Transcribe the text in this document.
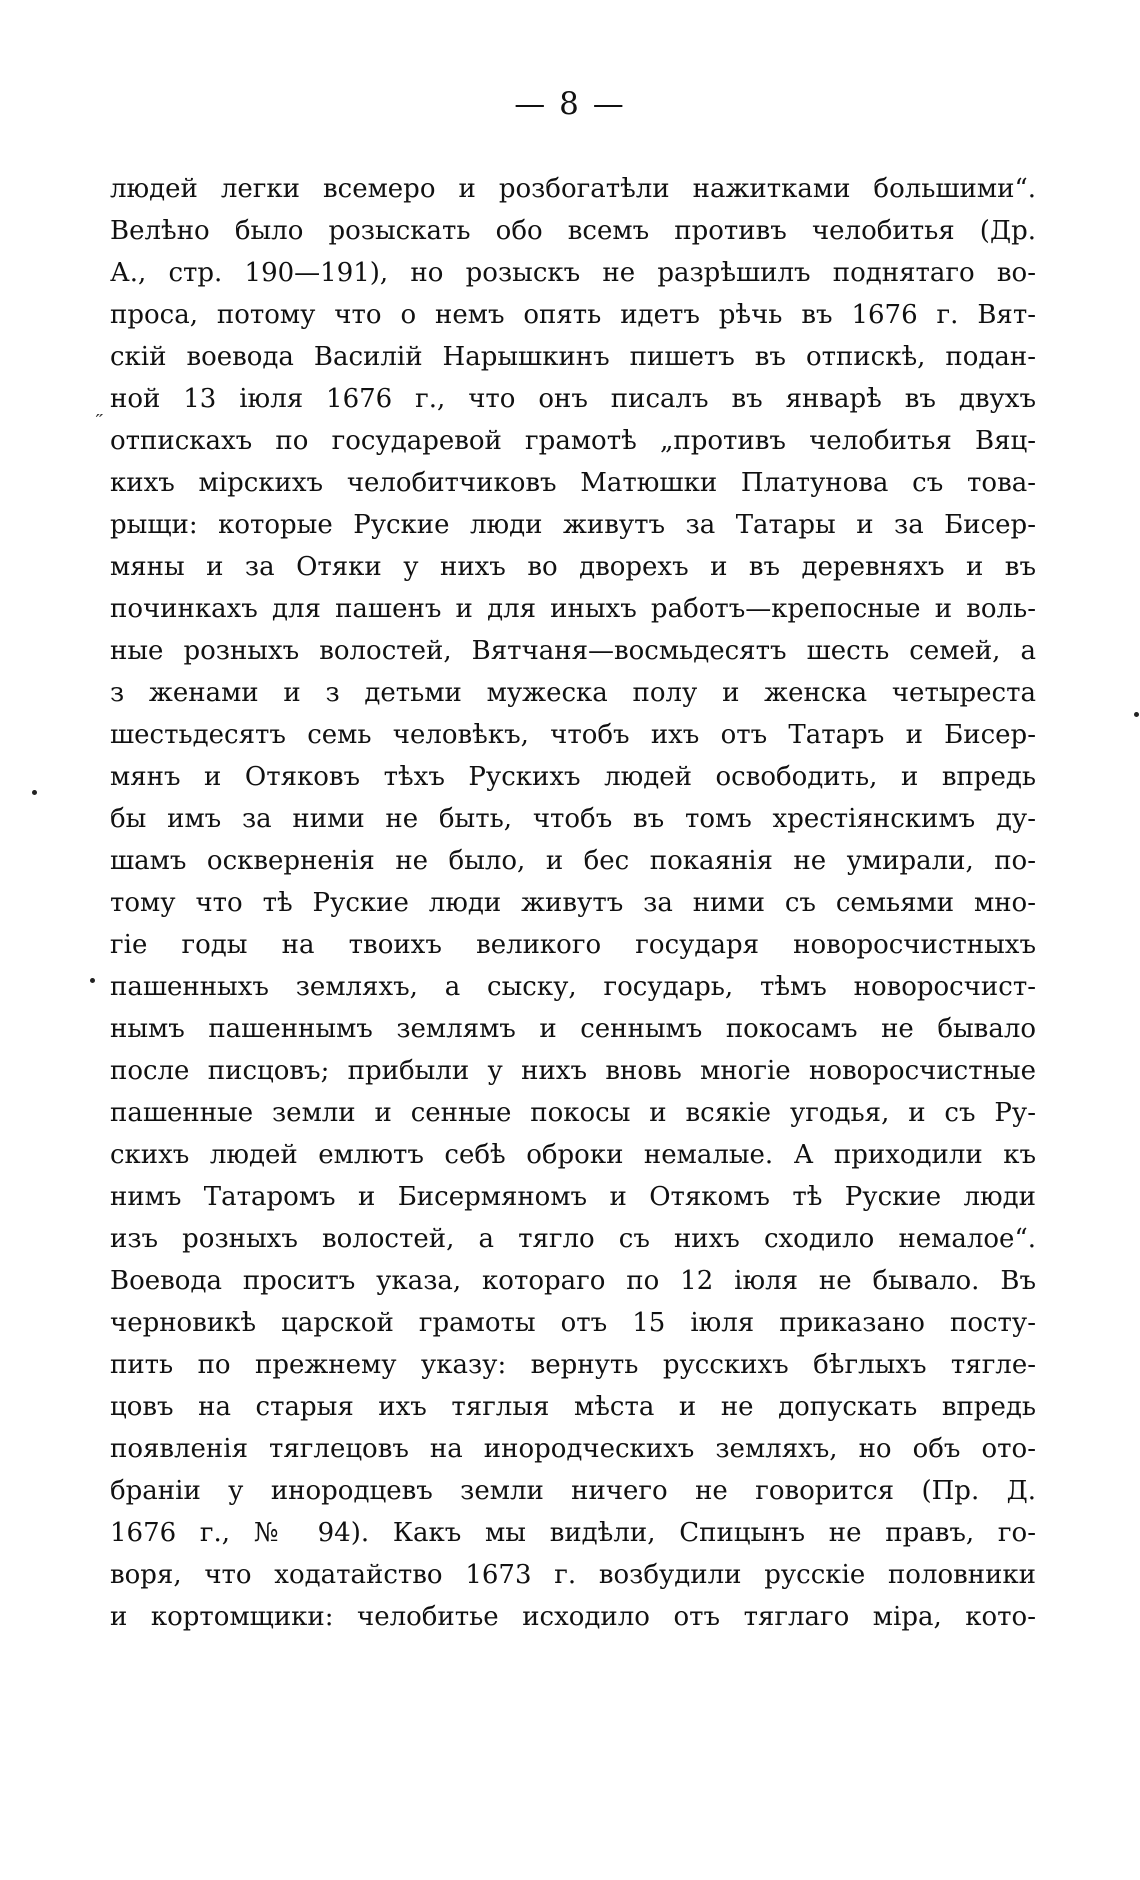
— 8 —
людей легки всемеро и розбогатѣли нажитками большими“.
Велѣно было розыскать обо всемъ противъ челобитья (Др.
А., стр. 190—191), но розыскъ не разрѣшилъ поднятаго во-
проса, потому что о немъ опять идетъ рѣчь въ 1676 г. Вят-
скій воевода Василій Нарышкинъ пишетъ въ отпискѣ, подан-
ной 13 іюля 1676 г., что онъ писалъ въ январѣ въ двухъ
отпискахъ по государевой грамотѣ „противъ челобитья Вяц-
кихъ мірскихъ челобитчиковъ Матюшки Платунова съ това-
рыщи: которые Руские люди живутъ за Татары и за Бисер-
мяны и за Отяки у нихъ во дворехъ и въ деревняхъ и въ
починкахъ для пашенъ и для иныхъ работъ—крепосные и воль-
ные розныхъ волостей, Вятчаня—восмьдесятъ шесть семей, а
з женами и з детьми мужеска полу и женска четыреста
шестьдесятъ семь человѣкъ, чтобъ ихъ отъ Татаръ и Бисер-
мянъ и Отяковъ тѣхъ Рускихъ людей освободить, и впредь
бы имъ за ними не быть, чтобъ въ томъ хрестіянскимъ ду-
шамъ оскверненія не было, и бес покаянія не умирали, по-
тому что тѣ Руские люди живутъ за ними съ семьями мно-
гіе годы на твоихъ великого государя новоросчистныхъ
пашенныхъ земляхъ, а сыску, государь, тѣмъ новоросчист-
нымъ пашеннымъ землямъ и сеннымъ покосамъ не бывало
после писцовъ; прибыли у нихъ вновь многіе новоросчистные
пашенные земли и сенные покосы и всякіе угодья, и съ Ру-
скихъ людей емлютъ себѣ оброки немалые. А приходили къ
нимъ Татаромъ и Бисермяномъ и Отякомъ тѣ Руские люди
изъ розныхъ волостей, а тягло съ нихъ сходило немалое“.
Воевода проситъ указа, котораго по 12 іюля не бывало. Въ
черновикѣ царской грамоты отъ 15 іюля приказано посту-
пить по прежнему указу: вернуть русскихъ бѣглыхъ тягле-
цовъ на старыя ихъ тяглыя мѣста и не допускать впредь
появленія тяглецовъ на инородческихъ земляхъ, но объ ото-
браніи у инородцевъ земли ничего не говорится (Пр. Д.
1676 г., № 94). Какъ мы видѣли, Спицынъ не правъ, го-
воря, что ходатайство 1673 г. возбудили русскіе половники
и кортомщики: челобитье исходило отъ тяглаго міра, кото-
˶
